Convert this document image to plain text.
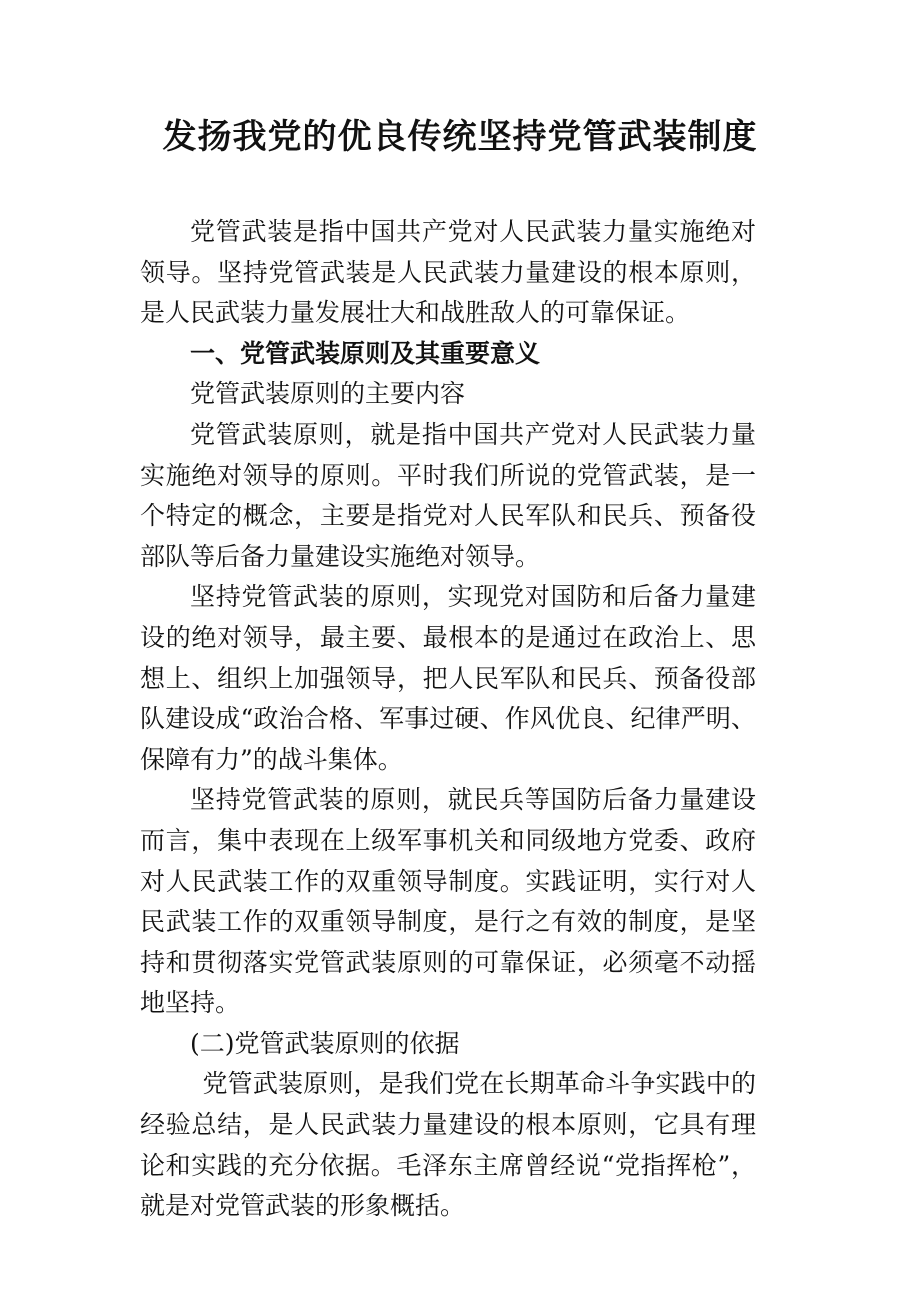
发扬我党的优良传统坚持党管武装制度

党管武装是指中国共产党对人民武装力量实施绝对领导。坚持党管武装是人民武装力量建设的根本原则，是人民武装力量发展壮大和战胜敌人的可靠保证。

一、党管武装原则及其重要意义

党管武装原则的主要内容

党管武装原则，就是指中国共产党对人民武装力量实施绝对领导的原则。平时我们所说的党管武装，是一个特定的概念，主要是指党对人民军队和民兵、预备役部队等后备力量建设实施绝对领导。

坚持党管武装的原则，实现党对国防和后备力量建设的绝对领导，最主要、最根本的是通过在政治上、思想上、组织上加强领导，把人民军队和民兵、预备役部队建设成“政治合格、军事过硬、作风优良、纪律严明、保障有力”的战斗集体。

坚持党管武装的原则，就民兵等国防后备力量建设而言，集中表现在上级军事机关和同级地方党委、政府对人民武装工作的双重领导制度。实践证明，实行对人民武装工作的双重领导制度，是行之有效的制度，是坚持和贯彻落实党管武装原则的可靠保证，必须毫不动摇地坚持。

(二)党管武装原则的依据

党管武装原则，是我们党在长期革命斗争实践中的经验总结，是人民武装力量建设的根本原则，它具有理论和实践的充分依据。毛泽东主席曾经说“党指挥枪”，就是对党管武装的形象概括。
